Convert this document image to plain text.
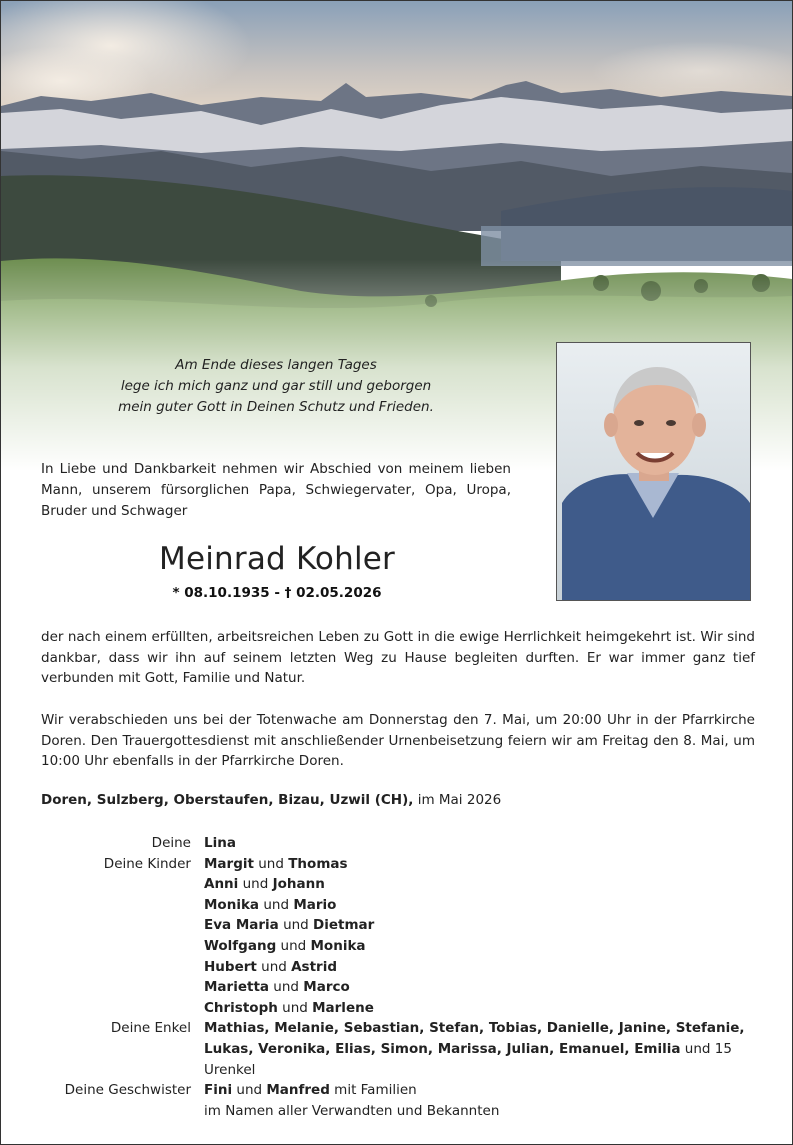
Am Ende dieses langen Tages
lege ich mich ganz und gar still und geborgen
mein guter Gott in Deinen Schutz und Frieden.
In Liebe und Dankbarkeit nehmen wir Abschied von meinem lieben Mann, unserem fürsorglichen Papa, Schwiegervater, Opa, Uropa, Bruder und Schwager
Meinrad Kohler
* 08.10.1935 - † 02.05.2026
der nach einem erfüllten, arbeitsreichen Leben zu Gott in die ewige Herrlichkeit heimgekehrt ist. Wir sind dankbar, dass wir ihn auf seinem letzten Weg zu Hause begleiten durften. Er war immer ganz tief verbunden mit Gott, Familie und Natur.
Wir verabschieden uns bei der Totenwache am Donnerstag den 7. Mai, um 20:00 Uhr in der Pfarrkirche Doren. Den Trauergottesdienst mit anschließender Urnenbeisetzung feiern wir am Freitag den 8. Mai, um 10:00 Uhr ebenfalls in der Pfarrkirche Doren.
Doren, Sulzberg, Oberstaufen, Bizau, Uzwil (CH), im Mai 2026
Deine Lina
Deine Kinder Margit und Thomas
Anni und Johann
Monika und Mario
Eva Maria und Dietmar
Wolfgang und Monika
Hubert und Astrid
Marietta und Marco
Christoph und Marlene
Deine Enkel Mathias, Melanie, Sebastian, Stefan, Tobias, Danielle, Janine, Stefanie,
Lukas, Veronika, Elias, Simon, Marissa, Julian, Emanuel, Emilia und 15 Urenkel
Deine Geschwister Fini und Manfred mit Familien
im Namen aller Verwandten und Bekannten
